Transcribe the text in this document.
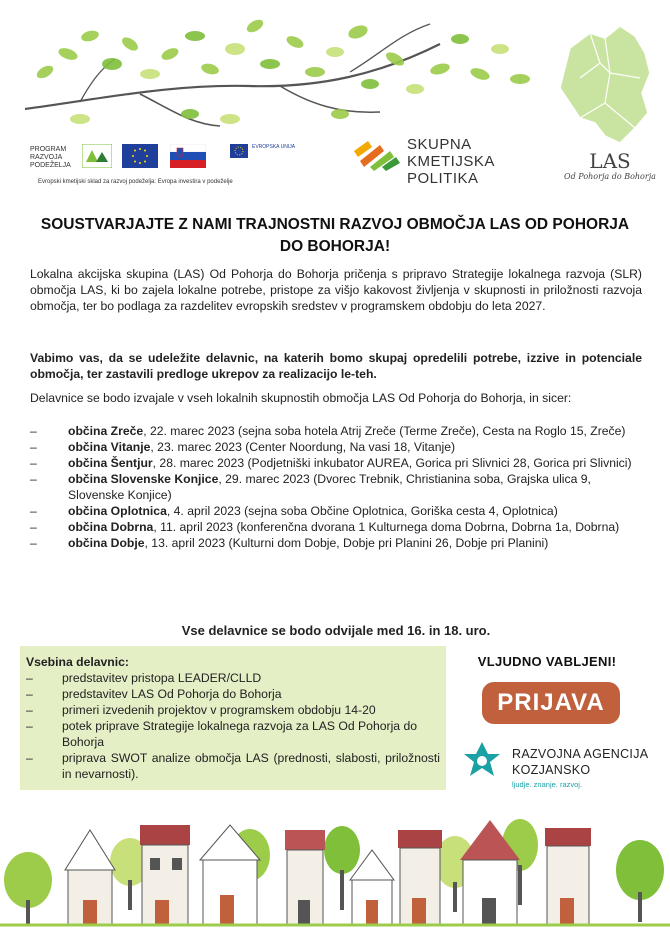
PROGRAM
RAZVOJA
PODEŽELJA
EVROPSKA UNIJA
Evropski kmetijski sklad za razvoj podeželja: Evropa investira v podeželje
SKUPNA
KMETIJSKA
POLITIKA
LAS
Od Pohorja do Bohorja
SOUSTVARJAJTE Z NAMI TRAJNOSTNI RAZVOJ OBMOČJA LAS OD POHORJA DO BOHORJA!
Lokalna akcijska skupina (LAS) Od Pohorja do Bohorja pričenja s pripravo Strategije lokalnega razvoja (SLR) območja LAS, ki bo zajela lokalne potrebe, pristope za višjo kakovost življenja v skupnosti in priložnosti razvoja območja, ter bo podlaga za razdelitev evropskih sredstev v programskem obdobju do leta 2027.
Vabimo vas, da se udeležite delavnic, na katerih bomo skupaj opredelili potrebe, izzive in potenciale območja, ter zastavili predloge ukrepov za realizacijo le-teh.
Delavnice se bodo izvajale v vseh lokalnih skupnostih območja LAS Od Pohorja do Bohorja, in sicer:
– občina Zreče, 22. marec 2023 (sejna soba hotela Atrij Zreče (Terme Zreče), Cesta na Roglo 15, Zreče)
– občina Vitanje, 23. marec 2023 (Center Noordung, Na vasi 18, Vitanje)
– občina Šentjur, 28. marec 2023 (Podjetniški inkubator AUREA, Gorica pri Slivnici 28, Gorica pri Slivnici)
– občina Slovenske Konjice, 29. marec 2023 (Dvorec Trebnik, Christianina soba, Grajska ulica 9, Slovenske Konjice)
– občina Oplotnica, 4. april 2023 (sejna soba Občine Oplotnica, Goriška cesta 4, Oplotnica)
– občina Dobrna, 11. april 2023 (konferenčna dvorana 1 Kulturnega doma Dobrna, Dobrna 1a, Dobrna)
– občina Dobje, 13. april 2023 (Kulturni dom Dobje, Dobje pri Planini 26, Dobje pri Planini)
Vse delavnice se bodo odvijale med 16. in 18. uro.
Vsebina delavnic:
– predstavitev pristopa LEADER/CLLD
– predstavitev LAS Od Pohorja do Bohorja
– primeri izvedenih projektov v programskem obdobju 14-20
– potek priprave Strategije lokalnega razvoja za LAS Od Pohorja do Bohorja
– priprava SWOT analize območja LAS (prednosti, slabosti, priložnosti in nevarnosti).
VLJUDNO VABLJENI!
PRIJAVA
RAZVOJNA AGENCIJA
KOZJANSKO
ljudje. znanje. razvoj.
